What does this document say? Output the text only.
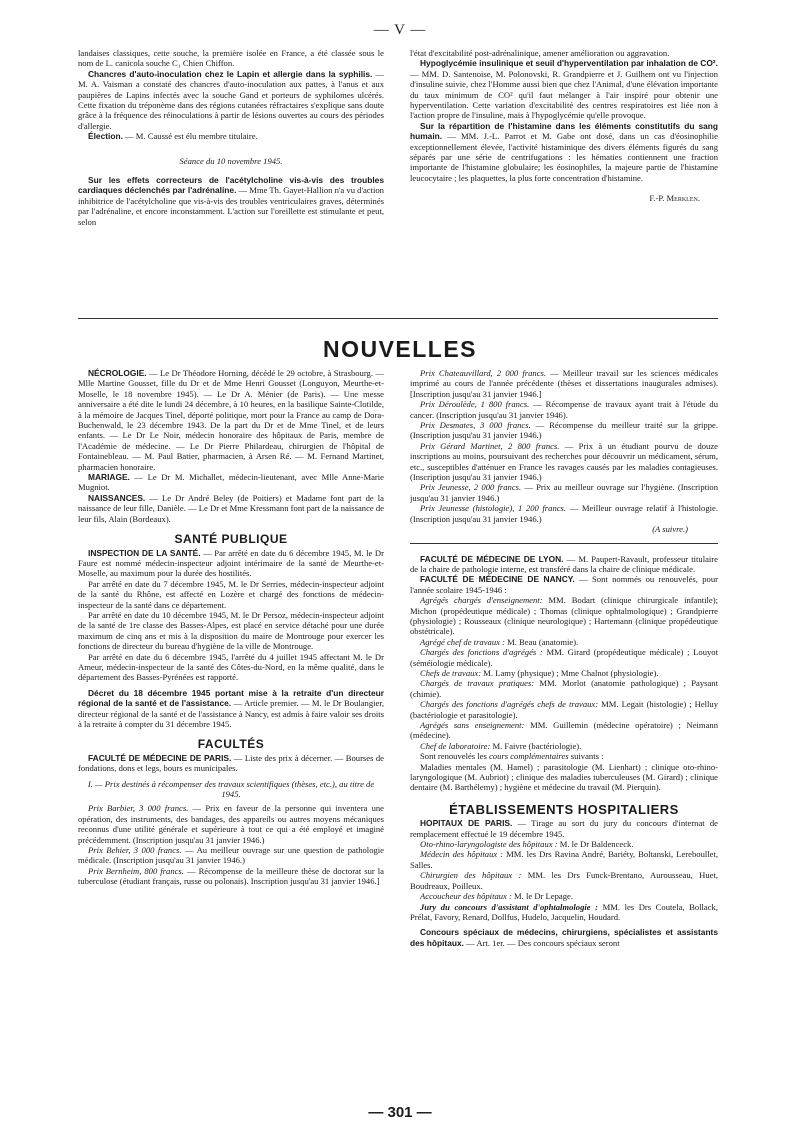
— V —

landaises classiques, cette souche, la première isolée en France, a été classée sous le nom de L. canicola souche C₁ Chien Chiffon.

Chancres d'auto-inoculation chez le Lapin et allergie dans la syphilis. — M. A. Vaisman a constaté des chancres d'auto-inoculation aux pattes, à l'anus et aux paupières de Lapins infectés avec la souche Gand et porteurs de syphilomes ulcérés. Cette fixation du tréponème dans des régions cutanées réfractaires s'explique sans doute grâce à la fréquence des réinoculations à partir de lésions ouvertes au cours des périodes d'allergie.

Élection. — M. Caussé est élu membre titulaire.

Séance du 10 novembre 1945.

Sur les effets correcteurs de l'acétylcholine vis-à-vis des troubles cardiaques déclenchés par l'adrénaline. — Mme Th. Gayet-Hallion n'a vu d'action inhibitrice de l'acétylcholine que vis-à-vis des troubles ventriculaires graves, déterminés par l'adrénaline, et encore inconstamment. L'action sur l'oreillette est stimulante et peut, selon

l'état d'excitabilité post-adrénalinique, amener amélioration ou aggravation.

Hypoglycémie insulinique et seuil d'hyperventilation par inhalation de CO². — MM. D. Santenoise, M. Polonovski, R. Grandpierre et J. Guilhem ont vu l'injection d'insuline suivie, chez l'Homme aussi bien que chez l'Animal, d'une élévation importante du taux minimum de CO² qu'il faut mélanger à l'air inspiré pour obtenir une hyperventilation. Cette variation d'excitabilité des centres respiratoires est liée non à l'action propre de l'insuline, mais à l'hypoglycémie qu'elle provoque.

Sur la répartition de l'histamine dans les éléments constitutifs du sang humain. — MM. J.-L. Parrot et M. Gabe ont dosé, dans un cas d'éosinophilie exceptionnellement élevée, l'activité histaminique des divers éléments figurés du sang séparés par une série de centrifugations : les hématies contiennent une fraction importante de l'histamine globulaire; les éosinophiles, la majeure partie de l'histamine leucocytaire ; les plaquettes, la plus forte concentration d'histamine.

F.-P. Merklen.

NOUVELLES

NÉCROLOGIE. — Le Dr Théodore Horning, décédé le 29 octobre, à Strasbourg. — Mlle Martine Gousset, fille du Dr et de Mme Henri Gousset (Longuyon, Meurthe-et-Moselle, le 18 novembre 1945). — Le Dr A. Ménier (de Paris). — Une messe anniversaire a été dite le lundi 24 décembre, à 10 heures, en la basilique Sainte-Clotilde, à la mémoire de Jacques Tinel, déporté politique, mort pour la France au camp de Dora-Buchenwald, le 23 décembre 1943. De la part du Dr et de Mme Tinel, et de leurs enfants. — Le Dr Le Noir, médecin honoraire des hôpitaux de Paris, membre de l'Académie de médecine. — Le Dr Pierre Philardeau, chirurgien de l'hôpital de Fontainebleau. — M. Paul Batier, pharmacien, à Arsen Ré. — M. Fernand Martinet, pharmacien honoraire.

MARIAGE. — Le Dr M. Michallet, médecin-lieutenant, avec Mlle Anne-Marie Mugniot.

NAISSANCES. — Le Dr André Beley (de Poitiers) et Madame font part de la naissance de leur fille, Danièle. — Le Dr et Mme Kressmann font part de la naissance de leur fils, Alain (Bordeaux).

SANTÉ PUBLIQUE

INSPECTION DE LA SANTÉ. — Par arrêté en date du 6 décembre 1945, M. le Dr Faure est nommé médecin-inspecteur adjoint intérimaire de la santé de Meurthe-et-Moselle, au maximum pour la durée des hostilités.

Par arrêté en date du 7 décembre 1945, M. le Dr Serries, médecin-inspecteur adjoint de la santé du Rhône, est affecté en Lozère et chargé des fonctions de médecin-inspecteur de la santé dans ce département.

Par arrêté en date du 10 décembre 1945, M. le Dr Persoz, médecin-inspecteur adjoint de la santé de 1re classe des Basses-Alpes, est placé en service détaché pour une durée maximum de cinq ans et mis à la disposition du maire de Montrouge pour exercer les fonctions de directeur du bureau d'hygiène de la ville de Montrouge.

Par arrêté en date du 6 décembre 1945, l'arrêté du 4 juillet 1945 affectant M. le Dr Ameur, médecin-inspecteur de la santé des Côtes-du-Nord, en la même qualité, dans le département des Basses-Pyrénées est rapporté.

Décret du 18 décembre 1945 portant mise à la retraite d'un directeur régional de la santé et de l'assistance. — Article premier. — M. le Dr Boulangier, directeur régional de la santé et de l'assistance à Nancy, est admis à faire valoir ses droits à la retraite à compter du 31 décembre 1945.

FACULTÉS

FACULTÉ DE MÉDECINE DE PARIS. — Liste des prix à décerner. — Bourses de fondations, dons et legs, bours es municipales.

I. — Prix destinés à récompenser des travaux scientifiques (thèses, etc.), au titre de 1945.

Prix Barbier, 3 000 francs. — Prix en faveur de la personne qui inventera une opération, des instruments, des bandages, des appareils ou autres moyens mécaniques reconnus d'une utilité générale et supérieure à tout ce qui a été employé et imaginé précédemment. (Inscription jusqu'au 31 janvier 1946.)

Prix Behier, 3 000 francs. — Au meilleur ouvrage sur une question de pathologie médicale. (Inscription jusqu'au 31 janvier 1946.)

Prix Bernheim, 800 francs. — Récompense de la meilleure thèse de doctorat sur la tuberculose (étudiant français, russe ou polonais). Inscription jusqu'au 31 janvier 1946.]

Prix Chateauvillard, 2 000 francs. — Meilleur travail sur les sciences médicales imprimé au cours de l'année précédente (thèses et dissertations inaugurales admises). [Inscription jusqu'au 31 janvier 1946.]

Prix Déroulède, 1 800 francs. — Récompense de travaux ayant trait à l'étude du cancer. (Inscription jusqu'au 31 janvier 1946).

Prix Desmates, 3 000 francs. — Récompense du meilleur traité sur la grippe. (Inscription jusqu'au 31 janvier 1946.)

Prix Gérard Martinet, 2 800 francs. — Prix à un étudiant pourvu de douze inscriptions au moins, poursuivant des recherches pour découvrir un médicament, sérum, etc., susceptibles d'atténuer en France les ravages causés par les maladies contagieuses. (Inscription jusqu'au 31 janvier 1946.)

Prix Jeunesse, 2 000 francs. — Prix au meilleur ouvrage sur l'hygiène. (Inscription jusqu'au 31 janvier 1946.)

Prix Jeunesse (histologie), 1 200 francs. — Meilleur ouvrage relatif à l'histologie. (Inscription jusqu'au 31 janvier 1946.)

(A suivre.)

FACULTÉ DE MÉDECINE DE LYON. — M. Paupert-Ravault, professeur titulaire de la chaire de pathologie interne, est transféré dans la chaire de clinique médicale.

FACULTÉ DE MÉDECINE DE NANCY. — Sont nommés ou renouvelés, pour l'année scolaire 1945-1946 :

Agrégés chargés d'enseignement: MM. Bodart (clinique chirurgicale infantile); Michon (propédeutique médicale) ; Thomas (clinique ophtalmologique) ; Grandpierre (physiologie) ; Rousseaux (clinique neurologique) ; Hartemann (clinique propédeutique obstétricale).

Agrégé chef de travaux : M. Beau (anatomie).

Chargés des fonctions d'agrégés : MM. Girard (propédeutique médicale) ; Louyot (séméiologie médicale).

Chefs de travaux: M. Lamy (physique) ; Mme Chalnot (physiologie).

Chargés de travaux pratiques: MM. Morlot (anatomie pathologique) ; Paysant (chimie).

Chargés des fonctions d'agrégés chefs de travaux: MM. Legait (histologie) ; Helluy (bactériologie et parasitologie).

Agrégés sans enseignement: MM. Guillemin (médecine opératoire) ; Neimann (médecine).

Chef de laboratoire: M. Faivre (bactériologie).

Sont renouvelés les cours complémentaires suivants :

Maladies mentales (M. Hamel) ; parasitologie (M. Lienhart) ; clinique oto-rhino-laryngologique (M. Aubriot) ; clinique des maladies tuberculeuses (M. Girard) ; clinique dentaire (M. Barthélemy) ; hygiène et médecine du travail (M. Pierquin).

ÉTABLISSEMENTS HOSPITALIERS

HOPITAUX DE PARIS. — Tirage au sort du jury du concours d'internat de remplacement effectué le 19 décembre 1945.

Oto-rhino-laryngologiste des hôpitaux : M. le Dr Baldenceck.

Médecin des hôpitaux : MM. les Drs Ravina André, Bariéty, Boltanski, Lereboullet, Salles.

Chirurgien des hôpitaux : MM. les Drs Funck-Brentano, Aurousseau, Huet, Boudreaux, Poilleux.

Accoucheur des hôpitaux : M. le Dr Lepage.

Jury du concours d'assistant d'ophtalmologie : MM. les Drs Coutela, Bollack, Prélat, Favory, Renard, Dollfus, Hudelo, Jacquelin, Houdard.

Concours spéciaux de médecins, chirurgiens, spécialistes et assistants des hôpitaux. — Art. 1er. — Des concours spéciaux seront

— 301 —
